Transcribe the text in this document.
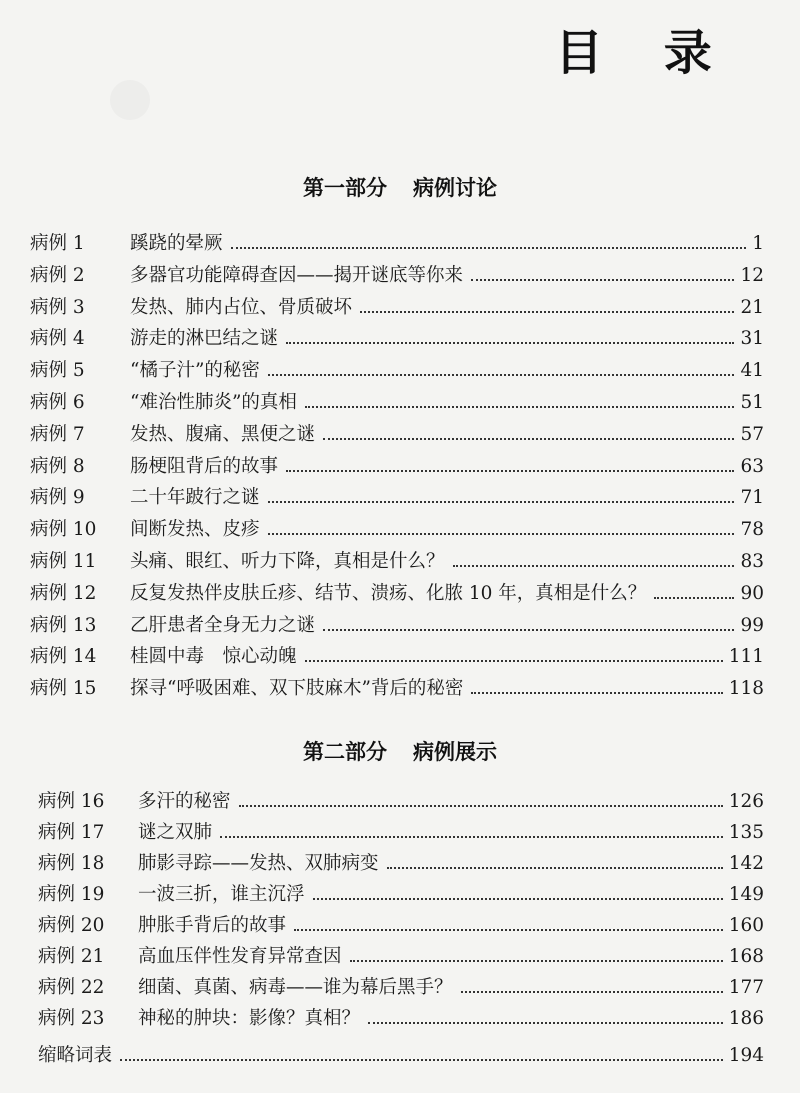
目 录
第一部分 病例讨论
病例 1	蹊跷的晕厥	1
病例 2	多器官功能障碍查因——揭开谜底等你来	12
病例 3	发热、肺内占位、骨质破坏	21
病例 4	游走的淋巴结之谜	31
病例 5	“橘子汁”的秘密	41
病例 6	“难治性肺炎”的真相	51
病例 7	发热、腹痛、黑便之谜	57
病例 8	肠梗阻背后的故事	63
病例 9	二十年跛行之谜	71
病例 10	间断发热、皮疹	78
病例 11	头痛、眼红、听力下降，真相是什么？	83
病例 12	反复发热伴皮肤丘疹、结节、溃疡、化脓 10 年，真相是什么？	90
病例 13	乙肝患者全身无力之谜	99
病例 14	桂圆中毒　惊心动魄	111
病例 15	探寻“呼吸困难、双下肢麻木”背后的秘密	118
第二部分 病例展示
病例 16	多汗的秘密	126
病例 17	谜之双肺	135
病例 18	肺影寻踪——发热、双肺病变	142
病例 19	一波三折，谁主沉浮	149
病例 20	肿胀手背后的故事	160
病例 21	高血压伴性发育异常查因	168
病例 22	细菌、真菌、病毒——谁为幕后黑手？	177
病例 23	神秘的肿块：影像？真相？	186
缩略词表	194
